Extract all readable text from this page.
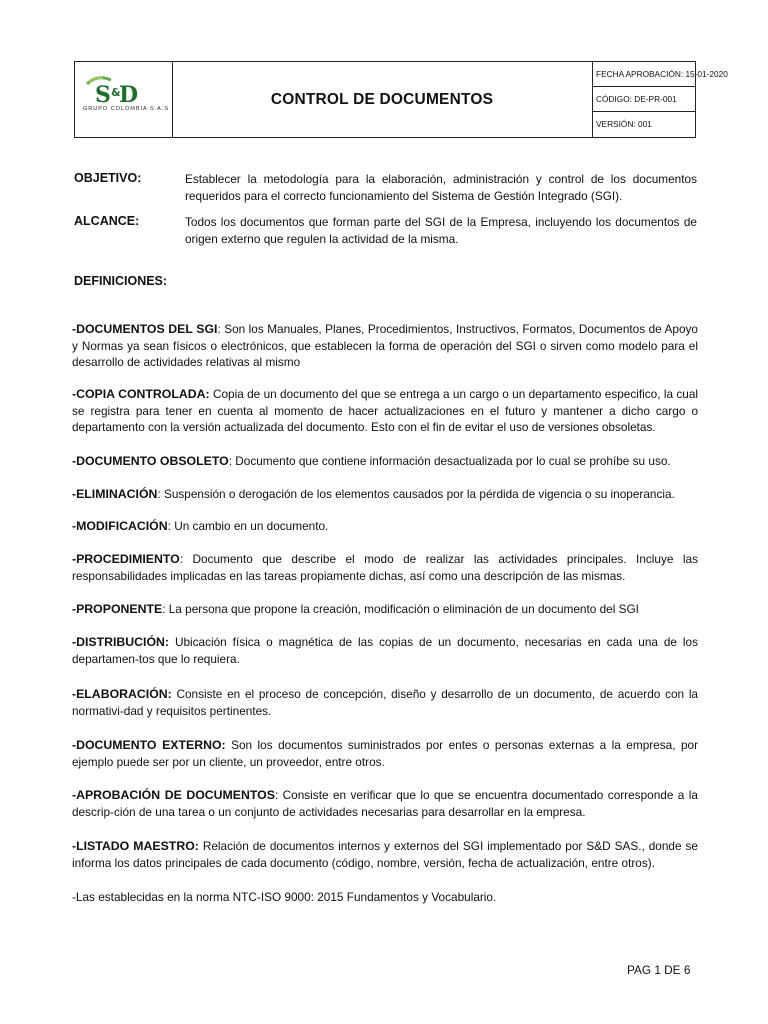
S &
D
GRUPO COLOMBIA S.A.S
CONTROL DE DOCUMENTOS
FECHA APROBACIÓN: 15-01-2020
CÓDIGO: DE-PR-001
VERSIÓN: 001
OBJETIVO:	Establecer la metodología para la elaboración, administración y control de los documentos requeridos para el correcto funcionamiento del Sistema de Gestión Integrado (SGI).
ALCANCE:	Todos los documentos que forman parte del SGI de la Empresa, incluyendo los documentos de origen externo que regulen la actividad de la misma.
DEFINICIONES:
-DOCUMENTOS DEL SGI: Son los Manuales, Planes, Procedimientos, Instructivos, Formatos, Documentos de Apoyo y Normas ya sean físicos o electrónicos, que establecen la forma de operación del SGI o sirven como modelo para el desarrollo de actividades relativas al mismo
-COPIA CONTROLADA: Copia de un documento del que se entrega a un cargo o un departamento especifico, la cual se registra para tener en cuenta al momento de hacer actualizaciones en el futuro y mantener a dicho cargo o departamento con la versión actualizada del documento. Esto con el fin de evitar el uso de versiones obsoletas.
-DOCUMENTO OBSOLETO: Documento que contiene información desactualizada por lo cual se prohíbe su uso.
-ELIMINACIÓN: Suspensión o derogación de los elementos causados por la pérdida de vigencia o su inoperancia.
-MODIFICACIÓN: Un cambio en un documento.
-PROCEDIMIENTO: Documento que describe el modo de realizar las actividades principales. Incluye las responsabilidades implicadas en las tareas propiamente dichas, así como una descripción de las mismas.
-PROPONENTE: La persona que propone la creación, modificación o eliminación de un documento del SGI
-DISTRIBUCIÓN: Ubicación física o magnética de las copias de un documento, necesarias en cada una de los departamen-tos que lo requiera.
-ELABORACIÓN: Consiste en el proceso de concepción, diseño y desarrollo de un documento, de acuerdo con la normativi-dad y requisitos pertinentes.
-DOCUMENTO EXTERNO: Son los documentos suministrados por entes o personas externas a la empresa, por ejemplo puede ser por un cliente, un proveedor, entre otros.
-APROBACIÓN DE DOCUMENTOS: Consiste en verificar que lo que se encuentra documentado corresponde a la descrip-ción de una tarea o un conjunto de actividades necesarias para desarrollar en la empresa.
-LISTADO MAESTRO: Relación de documentos internos y externos del SGI implementado por S&D SAS., donde se informa los datos principales de cada documento (código, nombre, versión, fecha de actualización, entre otros).
-Las establecidas en la norma NTC-ISO 9000: 2015 Fundamentos y Vocabulario.
PAG 1 DE 6
